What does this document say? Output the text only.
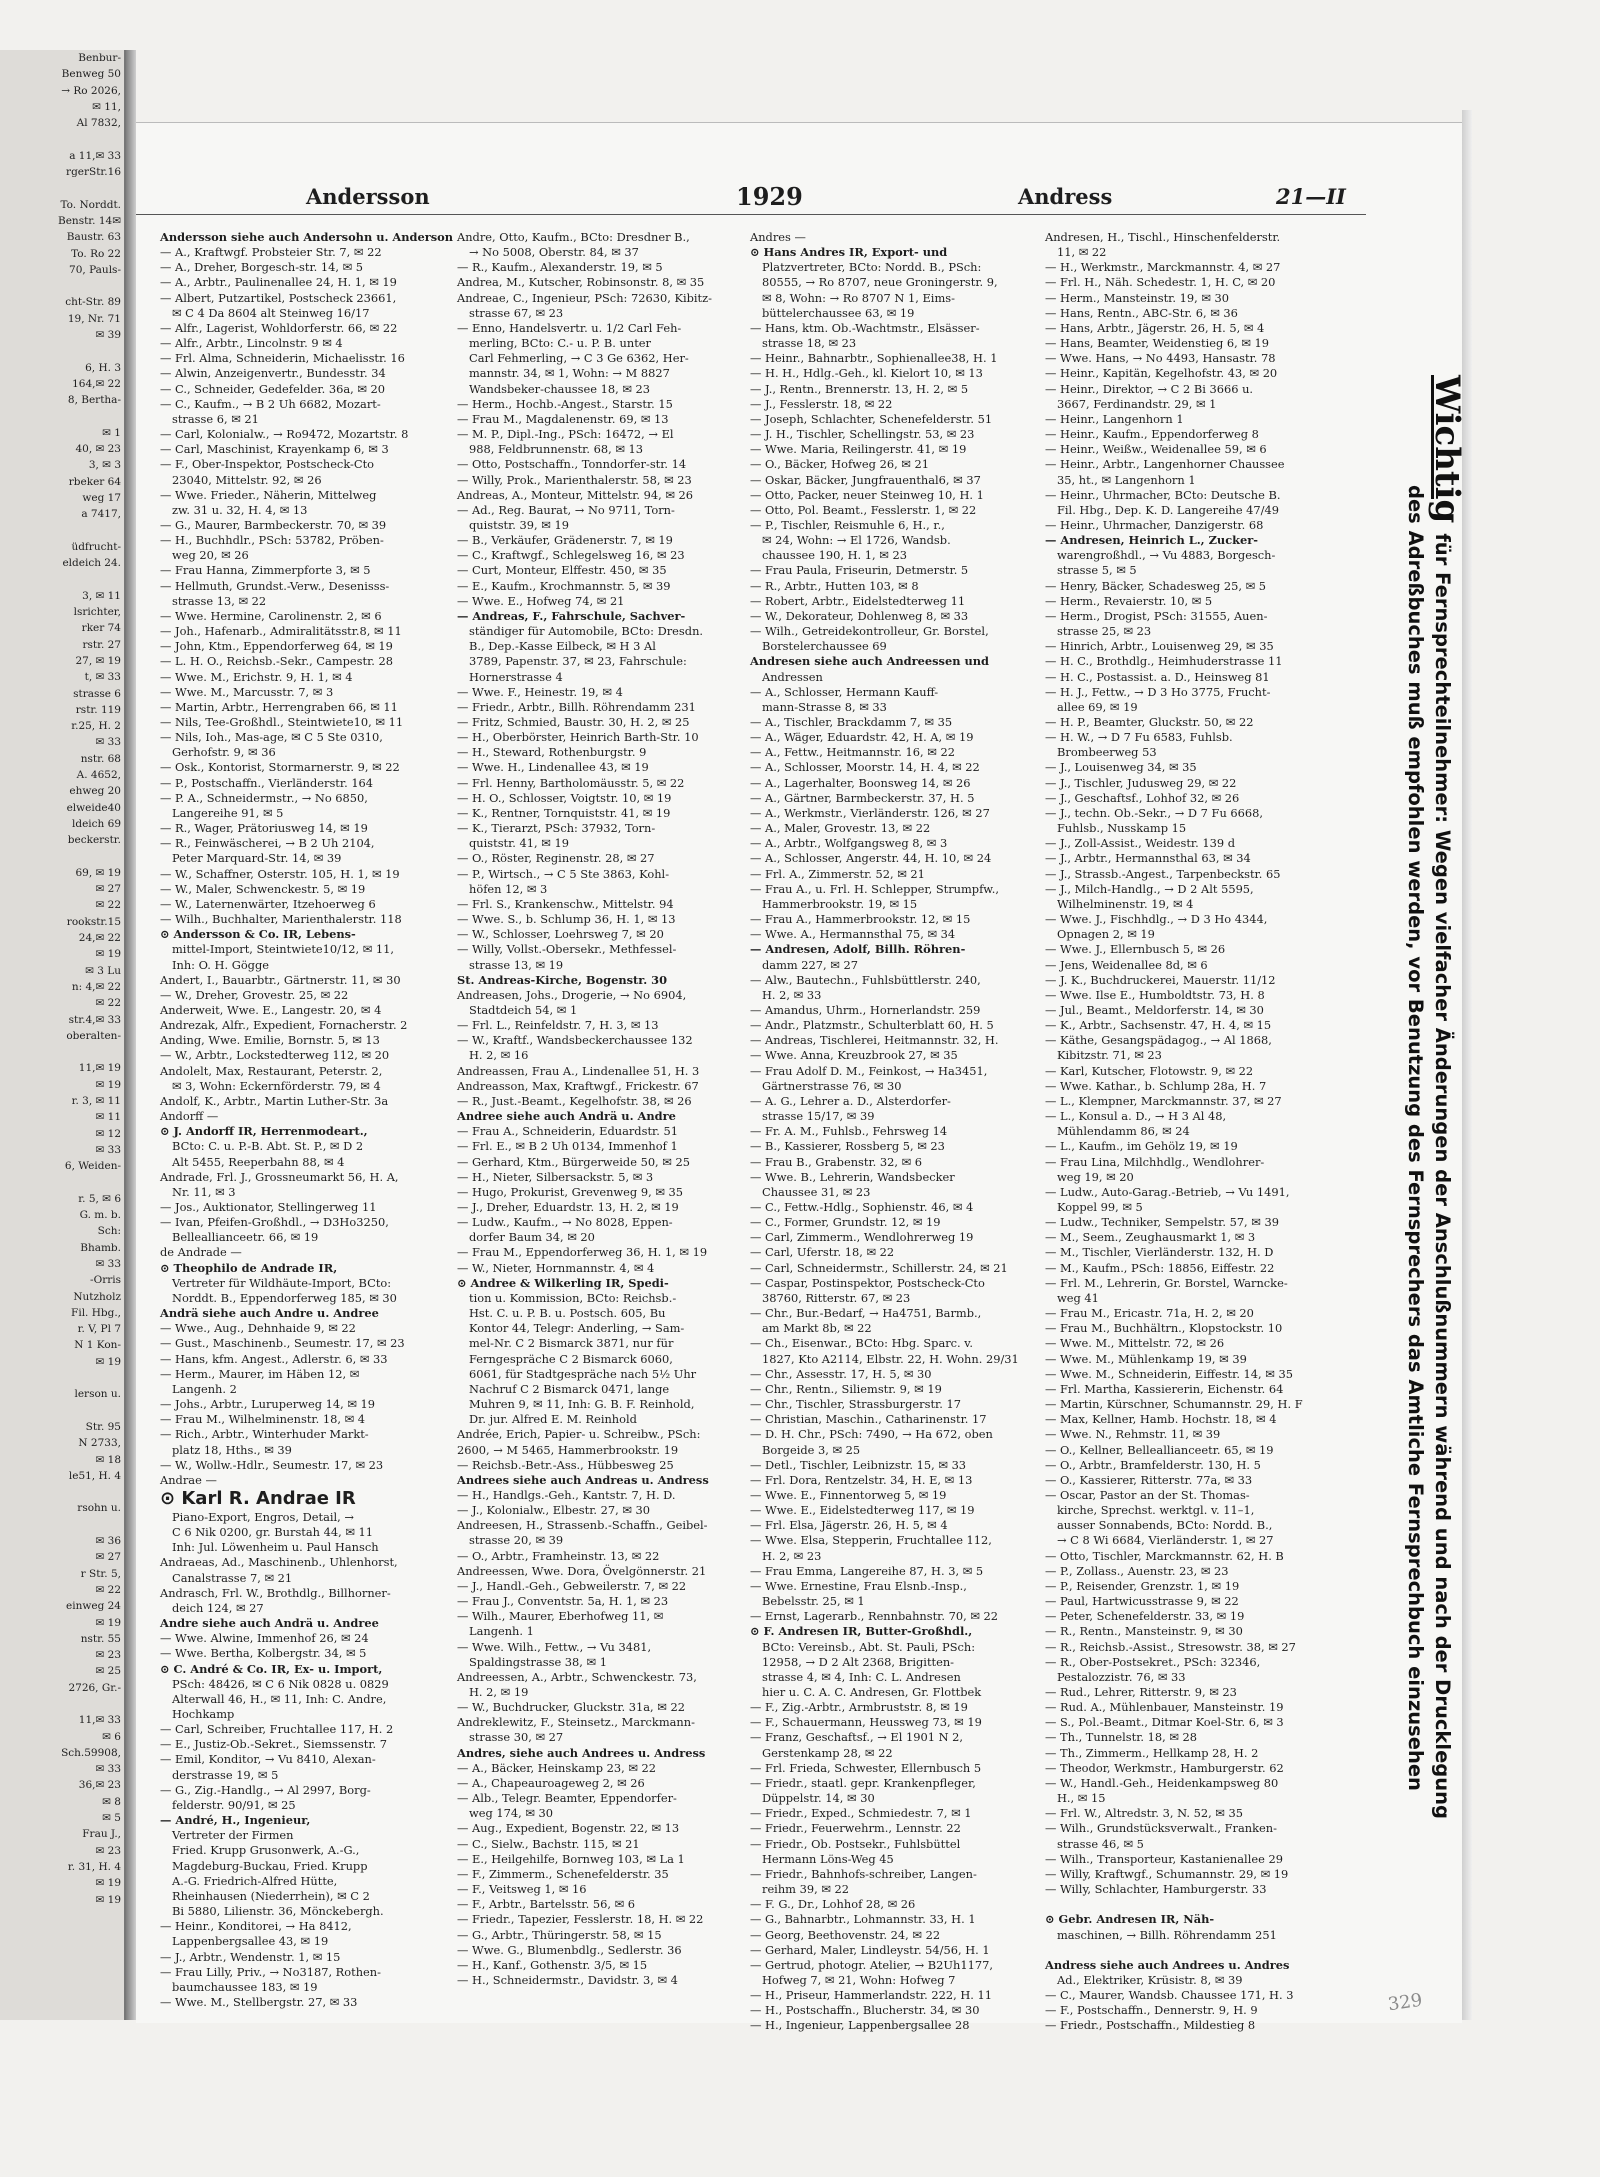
Benbur-
Benweg 50
→ Ro 2026,
✉ 11,
Al 7832,

a 11,✉ 33
rgerStr.16

To. Norddt.
Benstr. 14✉
Baustr. 63
To. Ro 22
70, Pauls-

cht-Str. 89
19, Nr. 71
✉ 39

6, H. 3
164,✉ 22
8, Bertha-

✉ 1
40, ✉ 23
3, ✉ 3
rbeker 64
weg 17
a 7417,

üdfrucht-
eldeich 24.

3, ✉ 11
lsrichter,
rker 74
rstr. 27
27, ✉ 19
t, ✉ 33
strasse 6
rstr. 119
r.25, H. 2
✉ 33
nstr. 68
A. 4652,
ehweg 20
elweide40
ldeich 69
beckerstr.

69, ✉ 19
✉ 27
✉ 22
rookstr.15
24,✉ 22
✉ 19
✉ 3 Lu
n: 4,✉ 22
✉ 22
str.4,✉ 33
oberalten-

11,✉ 19
✉ 19
r. 3, ✉ 11
✉ 11
✉ 12
✉ 33
6, Weiden-

r. 5, ✉ 6
G. m. b.
Sch:
Bhamb.
✉ 33
-Orris
Nutzholz
Fil. Hbg.,
r. V, Pl 7
N 1 Kon-
✉ 19

lerson u.

Str. 95
N 2733,
✉ 18
le51, H. 4

rsohn u.

✉ 36
✉ 27
r Str. 5,
✉ 22
einweg 24
✉ 19
nstr. 55
✉ 23
✉ 25
2726, Gr.-

11,✉ 33
✉ 6
Sch.59908,
✉ 33
36,✉ 23
✉ 8
✉ 5
Frau J.,
✉ 23
r. 31, H. 4
✉ 19
✉ 19
Andersson	1929	Andress	21—II
Andersson siehe auch Andersohn u. Anderson
— A., Kraftwgf. Probsteier Str. 7, ✉ 22
— A., Dreher, Borgesch-str. 14, ✉ 5
— A., Arbtr., Paulinenallee 24, H. 1, ✉ 19
— Albert, Putzartikel, Postscheck 23661,
✉ C 4 Da 8604 alt Steinweg 16/17
— Alfr., Lagerist, Wohldorferstr. 66, ✉ 22
— Alfr., Arbtr., Lincolnstr. 9 ✉ 4
— Frl. Alma, Schneiderin, Michaelisstr. 16
— Alwin, Anzeigenvertr., Bundesstr. 34
— C., Schneider, Gedefelder. 36a, ✉ 20
— C., Kaufm., → B 2 Uh 6682, Mozart-
strasse 6, ✉ 21
— Carl, Kolonialw., → Ro9472, Mozartstr. 8
— Carl, Maschinist, Krayenkamp 6, ✉ 3
— F., Ober-Inspektor, Postscheck-Cto
23040, Mittelstr. 92, ✉ 26
— Wwe. Frieder., Näherin, Mittelweg
zw. 31 u. 32, H. 4, ✉ 13
— G., Maurer, Barmbeckerstr. 70, ✉ 39
— H., Buchhdlr., PSch: 53782, Pröben-
weg 20, ✉ 26
— Frau Hanna, Zimmerpforte 3, ✉ 5
— Hellmuth, Grundst.-Verw., Desenisss-
strasse 13, ✉ 22
— Wwe. Hermine, Carolinenstr. 2, ✉ 6
— Joh., Hafenarb., Admiralitätsstr.8, ✉ 11
— John, Ktm., Eppendorferweg 64, ✉ 19
— L. H. O., Reichsb.-Sekr., Campestr. 28
— Wwe. M., Erichstr. 9, H. 1, ✉ 4
— Wwe. M., Marcusstr. 7, ✉ 3
— Martin, Arbtr., Herrengraben 66, ✉ 11
— Nils, Tee-Großhdl., Steintwiete10, ✉ 11
— Nils, Ioh., Mas-age, ✉ C 5 Ste 0310,
Gerhofstr. 9, ✉ 36
— Osk., Kontorist, Stormarnerstr. 9, ✉ 22
— P., Postschaffn., Vierländerstr. 164
— P. A., Schneidermstr., → No 6850,
Langereihe 91, ✉ 5
— R., Wager, Prätoriusweg 14, ✉ 19
— R., Feinwäscherei, → B 2 Uh 2104,
Peter Marquard-Str. 14, ✉ 39
— W., Schaffner, Osterstr. 105, H. 1, ✉ 19
— W., Maler, Schwenckestr. 5, ✉ 19
— W., Laternenwärter, Itzehoerweg 6
— Wilh., Buchhalter, Marienthalerstr. 118
⊙ Andersson & Co. IR, Lebens-
mittel-Import, Steintwiete10/12, ✉ 11,
Inh: O. H. Gögge
Andert, I., Bauarbtr., Gärtnerstr. 11, ✉ 30
— W., Dreher, Grovestr. 25, ✉ 22
Anderweit, Wwe. E., Langestr. 20, ✉ 4
Andrezak, Alfr., Expedient, Fornacherstr. 2
Anding, Wwe. Emilie, Bornstr. 5, ✉ 13
— W., Arbtr., Lockstedterweg 112, ✉ 20
Andolelt, Max, Restaurant, Peterstr. 2,
✉ 3, Wohn: Eckernförderstr. 79, ✉ 4
Andolf, K., Arbtr., Martin Luther-Str. 3a
Andorff —
⊙ J. Andorff IR, Herrenmodeart.,
BCto: C. u. P.-B. Abt. St. P., ✉ D 2
Alt 5455, Reeperbahn 88, ✉ 4
Andrade, Frl. J., Grossneumarkt 56, H. A,
Nr. 11, ✉ 3
— Jos., Auktionator, Stellingerweg 11
— Ivan, Pfeifen-Großhdl., → D3Ho3250,
Belleallianceetr. 66, ✉ 19
de Andrade —
⊙ Theophilo de Andrade IR,
Vertreter für Wildhäute-Import, BCto:
Norddt. B., Eppendorferweg 185, ✉ 30
Andrä siehe auch Andre u. Andree
— Wwe., Aug., Dehnhaide 9, ✉ 22
— Gust., Maschinenb., Seumestr. 17, ✉ 23
— Hans, kfm. Angest., Adlerstr. 6, ✉ 33
— Herm., Maurer, im Häben 12, ✉
Langenh. 2
— Johs., Arbtr., Luruperweg 14, ✉ 19
— Frau M., Wilhelminenstr. 18, ✉ 4
— Rich., Arbtr., Winterhuder Markt-
platz 18, Hths., ✉ 39
— W., Wollw.-Hdlr., Seumestr. 17, ✉ 23
Andrae —
⊙ Karl R. Andrae IR
Piano-Export, Engros, Detail, →
C 6 Nik 0200, gr. Burstah 44, ✉ 11
Inh: Jul. Löwenheim u. Paul Hansch
Andraeas, Ad., Maschinenb., Uhlenhorst,
Canalstrasse 7, ✉ 21
Andrasch, Frl. W., Brothdlg., Billhorner-
deich 124, ✉ 27
Andre siehe auch Andrä u. Andree
— Wwe. Alwine, Immenhof 26, ✉ 24
— Wwe. Bertha, Kolbergstr. 34, ✉ 5
⊙ C. André & Co. IR, Ex- u. Import,
PSch: 48426, ✉ C 6 Nik 0828 u. 0829
Alterwall 46, H., ✉ 11, Inh: C. Andre,
Hochkamp
— Carl, Schreiber, Fruchtallee 117, H. 2
— E., Justiz-Ob.-Sekret., Siemssenstr. 7
— Emil, Konditor, → Vu 8410, Alexan-
derstrasse 19, ✉ 5
— G., Zig.-Handlg., → Al 2997, Borg-
felderstr. 90/91, ✉ 25
— André, H., Ingenieur,
Vertreter der Firmen
Fried. Krupp Grusonwerk, A.-G.,
Magdeburg-Buckau, Fried. Krupp
A.-G. Friedrich-Alfred Hütte,
Rheinhausen (Niederrhein), ✉ C 2
Bi 5880, Lilienstr. 36, Mönckebergh.
— Heinr., Konditorei, → Ha 8412,
Lappenbergsallee 43, ✉ 19
— J., Arbtr., Wendenstr. 1, ✉ 15
— Frau Lilly, Priv., → No3187, Rothen-
baumchaussee 183, ✉ 19
— Wwe. M., Stellbergstr. 27, ✉ 33
Andre, Otto, Kaufm., BCto: Dresdner B.,
→ No 5008, Oberstr. 84, ✉ 37
— R., Kaufm., Alexanderstr. 19, ✉ 5
Andrea, M., Kutscher, Robinsonstr. 8, ✉ 35
Andreae, C., Ingenieur, PSch: 72630, Kibitz-
strasse 67, ✉ 23
— Enno, Handelsvertr. u. 1/2 Carl Feh-
merling, BCto: C.- u. P. B. unter
Carl Fehmerling, → C 3 Ge 6362, Her-
mannstr. 34, ✉ 1, Wohn: → M 8827
Wandsbeker-chaussee 18, ✉ 23
— Herm., Hochb.-Angest., Starstr. 15
— Frau M., Magdalenenstr. 69, ✉ 13
— M. P., Dipl.-Ing., PSch: 16472, → El
988, Feldbrunnenstr. 68, ✉ 13
— Otto, Postschaffn., Tonndorfer-str. 14
— Willy, Prok., Marienthalerstr. 58, ✉ 23
Andreas, A., Monteur, Mittelstr. 94, ✉ 26
— Ad., Reg. Baurat, → No 9711, Torn-
quiststr. 39, ✉ 19
— B., Verkäufer, Grädenerstr. 7, ✉ 19
— C., Kraftwgf., Schlegelsweg 16, ✉ 23
— Curt, Monteur, Elffestr. 450, ✉ 35
— E., Kaufm., Krochmannstr. 5, ✉ 39
— Wwe. E., Hofweg 74, ✉ 21
— Andreas, F., Fahrschule, Sachver-
ständiger für Automobile, BCto: Dresdn.
B., Dep.-Kasse Eilbeck, ✉ H 3 Al
3789, Papenstr. 37, ✉ 23, Fahrschule:
Hornerstrasse 4
— Wwe. F., Heinestr. 19, ✉ 4
— Friedr., Arbtr., Billh. Röhrendamm 231
— Fritz, Schmied, Baustr. 30, H. 2, ✉ 25
— H., Oberbörster, Heinrich Barth-Str. 10
— H., Steward, Rothenburgstr. 9
— Wwe. H., Lindenallee 43, ✉ 19
— Frl. Henny, Bartholomäusstr. 5, ✉ 22
— H. O., Schlosser, Voigtstr. 10, ✉ 19
— K., Rentner, Tornquiststr. 41, ✉ 19
— K., Tierarzt, PSch: 37932, Torn-
quiststr. 41, ✉ 19
— O., Röster, Reginenstr. 28, ✉ 27
— P., Wirtsch., → C 5 Ste 3863, Kohl-
höfen 12, ✉ 3
— Frl. S., Krankenschw., Mittelstr. 94
— Wwe. S., b. Schlump 36, H. 1, ✉ 13
— W., Schlosser, Loehrsweg 7, ✉ 20
— Willy, Vollst.-Obersekr., Methfessel-
strasse 13, ✉ 19
St. Andreas-Kirche, Bogenstr. 30
Andreasen, Johs., Drogerie, → No 6904,
Stadtdeich 54, ✉ 1
— Frl. L., Reinfeldstr. 7, H. 3, ✉ 13
— W., Kraftf., Wandsbeckerchaussee 132
H. 2, ✉ 16
Andreassen, Frau A., Lindenallee 51, H. 3
Andreasson, Max, Kraftwgf., Frickestr. 67
— R., Just.-Beamt., Kegelhofstr. 38, ✉ 26
Andree siehe auch Andrä u. Andre
— Frau A., Schneiderin, Eduardstr. 51
— Frl. E., ✉ B 2 Uh 0134, Immenhof 1
— Gerhard, Ktm., Bürgerweide 50, ✉ 25
— H., Nieter, Silbersackstr. 5, ✉ 3
— Hugo, Prokurist, Grevenweg 9, ✉ 35
— J., Dreher, Eduardstr. 13, H. 2, ✉ 19
— Ludw., Kaufm., → No 8028, Eppen-
dorfer Baum 34, ✉ 20
— Frau M., Eppendorferweg 36, H. 1, ✉ 19
— W., Nieter, Hornmannstr. 4, ✉ 4
⊙ Andree & Wilkerling IR, Spedi-
tion u. Kommission, BCto: Reichsb.-
Hst. C. u. P. B. u. Postsch. 605, Bu
Kontor 44, Telegr: Anderling, → Sam-
mel-Nr. C 2 Bismarck 3871, nur für
Ferngespräche C 2 Bismarck 6060,
6061, für Stadtgespräche nach 5½ Uhr
Nachruf C 2 Bismarck 0471, lange
Muhren 9, ✉ 11, Inh: G. B. F. Reinhold,
Dr. jur. Alfred E. M. Reinhold
Andrée, Erich, Papier- u. Schreibw., PSch:
2600, → M 5465, Hammerbrookstr. 19
— Reichsb.-Betr.-Ass., Hübbesweg 25
Andrees siehe auch Andreas u. Andress
— H., Handlgs.-Geh., Kantstr. 7, H. D.
— J., Kolonialw., Elbestr. 27, ✉ 30
Andreesen, H., Strassenb.-Schaffn., Geibel-
strasse 20, ✉ 39
— O., Arbtr., Framheinstr. 13, ✉ 22
Andreessen, Wwe. Dora, Övelgönnerstr. 21
— J., Handl.-Geh., Gebweilerstr. 7, ✉ 22
— Frau J., Conventstr. 5a, H. 1, ✉ 23
— Wilh., Maurer, Eberhofweg 11, ✉
Langenh. 1
— Wwe. Wilh., Fettw., → Vu 3481,
Spaldingstrasse 38, ✉ 1
Andreessen, A., Arbtr., Schwenckestr. 73,
H. 2, ✉ 19
— W., Buchdrucker, Gluckstr. 31a, ✉ 22
Andreklewitz, F., Steinsetz., Marckmann-
strasse 30, ✉ 27
Andres, siehe auch Andrees u. Andress
— A., Bäcker, Heinskamp 23, ✉ 22
— A., Chapeauroageweg 2, ✉ 26
— Alb., Telegr. Beamter, Eppendorfer-
weg 174, ✉ 30
— Aug., Expedient, Bogenstr. 22, ✉ 13
— C., Sielw., Bachstr. 115, ✉ 21
— E., Heilgehilfe, Bornweg 103, ✉ La 1
— F., Zimmerm., Schenefelderstr. 35
— F., Veitsweg 1, ✉ 16
— F., Arbtr., Bartelsstr. 56, ✉ 6
— Friedr., Tapezier, Fesslerstr. 18, H. ✉ 22
— G., Arbtr., Thüringerstr. 58, ✉ 15
— Wwe. G., Blumenbdlg., Sedlerstr. 36
— H., Kanf., Gothenstr. 3/5, ✉ 15
— H., Schneidermstr., Davidstr. 3, ✉ 4
Andres —
⊙ Hans Andres IR, Export- und
Platzvertreter, BCto: Nordd. B., PSch:
80555, → Ro 8707, neue Groningerstr. 9,
✉ 8, Wohn: → Ro 8707 N 1, Eims-
büttelerchaussee 63, ✉ 19
— Hans, ktm. Ob.-Wachtmstr., Elsässer-
strasse 18, ✉ 23
— Heinr., Bahnarbtr., Sophienallee38, H. 1
— H. H., Hdlg.-Geh., kl. Kielort 10, ✉ 13
— J., Rentn., Brennerstr. 13, H. 2, ✉ 5
— J., Fesslerstr. 18, ✉ 22
— Joseph, Schlachter, Schenefelderstr. 51
— J. H., Tischler, Schellingstr. 53, ✉ 23
— Wwe. Maria, Reilingerstr. 41, ✉ 19
— O., Bäcker, Hofweg 26, ✉ 21
— Oskar, Bäcker, Jungfrauenthal6, ✉ 37
— Otto, Packer, neuer Steinweg 10, H. 1
— Otto, Pol. Beamt., Fesslerstr. 1, ✉ 22
— P., Tischler, Reismuhle 6, H., r.,
✉ 24, Wohn: → El 1726, Wandsb.
chaussee 190, H. 1, ✉ 23
— Frau Paula, Friseurin, Detmerstr. 5
— R., Arbtr., Hutten 103, ✉ 8
— Robert, Arbtr., Eidelstedterweg 11
— W., Dekorateur, Dohlenweg 8, ✉ 33
— Wilh., Getreidekontrolleur, Gr. Borstel,
Borstelerchaussee 69
Andresen siehe auch Andreessen und
Andressen
— A., Schlosser, Hermann Kauff-
mann-Strasse 8, ✉ 33
— A., Tischler, Brackdamm 7, ✉ 35
— A., Wäger, Eduardstr. 42, H. A, ✉ 19
— A., Fettw., Heitmannstr. 16, ✉ 22
— A., Schlosser, Moorstr. 14, H. 4, ✉ 22
— A., Lagerhalter, Boonsweg 14, ✉ 26
— A., Gärtner, Barmbeckerstr. 37, H. 5
— A., Werkmstr., Vierländerstr. 126, ✉ 27
— A., Maler, Grovestr. 13, ✉ 22
— A., Arbtr., Wolfgangsweg 8, ✉ 3
— A., Schlosser, Angerstr. 44, H. 10, ✉ 24
— Frl. A., Zimmerstr. 52, ✉ 21
— Frau A., u. Frl. H. Schlepper, Strumpfw.,
Hammerbrookstr. 19, ✉ 15
— Frau A., Hammerbrookstr. 12, ✉ 15
— Wwe. A., Hermannsthal 75, ✉ 34
— Andresen, Adolf, Billh. Röhren-
damm 227, ✉ 27
— Alw., Bautechn., Fuhlsbüttlerstr. 240,
H. 2, ✉ 33
— Amandus, Uhrm., Hornerlandstr. 259
— Andr., Platzmstr., Schulterblatt 60, H. 5
— Andreas, Tischlerei, Heitmannstr. 32, H.
— Wwe. Anna, Kreuzbrook 27, ✉ 35
— Frau Adolf D. M., Feinkost, → Ha3451,
Gärtnerstrasse 76, ✉ 30
— A. G., Lehrer a. D., Alsterdorfer-
strasse 15/17, ✉ 39
— Fr. A. M., Fuhlsb., Fehrsweg 14
— B., Kassierer, Rossberg 5, ✉ 23
— Frau B., Grabenstr. 32, ✉ 6
— Wwe. B., Lehrerin, Wandsbecker
Chaussee 31, ✉ 23
— C., Fettw.-Hdlg., Sophienstr. 46, ✉ 4
— C., Former, Grundstr. 12, ✉ 19
— Carl, Zimmerm., Wendlohrerweg 19
— Carl, Uferstr. 18, ✉ 22
— Carl, Schneidermstr., Schillerstr. 24, ✉ 21
— Caspar, Postinspektor, Postscheck-Cto
38760, Ritterstr. 67, ✉ 23
— Chr., Bur.-Bedarf, → Ha4751, Barmb.,
am Markt 8b, ✉ 22
— Ch., Eisenwar., BCto: Hbg. Sparc. v.
1827, Kto A2114, Elbstr. 22, H. Wohn. 29/31
— Chr., Assesstr. 17, H. 5, ✉ 30
— Chr., Rentn., Siliemstr. 9, ✉ 19
— Chr., Tischler, Strassburgerstr. 17
— Christian, Maschin., Catharinenstr. 17
— D. H. Chr., PSch: 7490, → Ha 672, oben
Borgeide 3, ✉ 25
— Detl., Tischler, Leibnizstr. 15, ✉ 33
— Frl. Dora, Rentzelstr. 34, H. E, ✉ 13
— Wwe. E., Finnentorweg 5, ✉ 19
— Wwe. E., Eidelstedterweg 117, ✉ 19
— Frl. Elsa, Jägerstr. 26, H. 5, ✉ 4
— Wwe. Elsa, Stepperin, Fruchtallee 112,
H. 2, ✉ 23
— Frau Emma, Langereihe 87, H. 3, ✉ 5
— Wwe. Ernestine, Frau Elsnb.-Insp.,
Bebelsstr. 25, ✉ 1
— Ernst, Lagerarb., Rennbahnstr. 70, ✉ 22
⊙ F. Andresen IR, Butter-Großhdl.,
BCto: Vereinsb., Abt. St. Pauli, PSch:
12958, → D 2 Alt 2368, Brigitten-
strasse 4, ✉ 4, Inh: C. L. Andresen
hier u. C. A. C. Andresen, Gr. Flottbek
— F., Zig.-Arbtr., Armbruststr. 8, ✉ 19
— F., Schauermann, Heussweg 73, ✉ 19
— Franz, Geschaftsf., → El 1901 N 2,
Gerstenkamp 28, ✉ 22
— Frl. Frieda, Schwester, Ellernbusch 5
— Friedr., staatl. gepr. Krankenpfleger,
Düppelstr. 14, ✉ 30
— Friedr., Exped., Schmiedestr. 7, ✉ 1
— Friedr., Feuerwehrm., Lennstr. 22
— Friedr., Ob. Postsekr., Fuhlsbüttel
Hermann Löns-Weg 45
— Friedr., Bahnhofs-schreiber, Langen-
reihm 39, ✉ 22
— F. G., Dr., Lohhof 28, ✉ 26
— G., Bahnarbtr., Lohmannstr. 33, H. 1
— Georg, Beethovenstr. 24, ✉ 22
— Gerhard, Maler, Lindleystr. 54/56, H. 1
— Gertrud, photogr. Atelier, → B2Uh1177,
Hofweg 7, ✉ 21, Wohn: Hofweg 7
— H., Priseur, Hammerlandstr. 222, H. 11
— H., Postschaffn., Blucherstr. 34, ✉ 30
— H., Ingenieur, Lappenbergsallee 28
Andresen, H., Tischl., Hinschenfelderstr.
11, ✉ 22
— H., Werkmstr., Marckmannstr. 4, ✉ 27
— Frl. H., Näh. Schedestr. 1, H. C, ✉ 20
— Herm., Mansteinstr. 19, ✉ 30
— Hans, Rentn., ABC-Str. 6, ✉ 36
— Hans, Arbtr., Jägerstr. 26, H. 5, ✉ 4
— Hans, Beamter, Weidenstieg 6, ✉ 19
— Wwe. Hans, → No 4493, Hansastr. 78
— Heinr., Kapitän, Kegelhofstr. 43, ✉ 20
— Heinr., Direktor, → C 2 Bi 3666 u.
3667, Ferdinandstr. 29, ✉ 1
— Heinr., Langenhorn 1
— Heinr., Kaufm., Eppendorferweg 8
— Heinr., Weißw., Weidenallee 59, ✉ 6
— Heinr., Arbtr., Langenhorner Chaussee
35, ht., ✉ Langenhorn 1
— Heinr., Uhrmacher, BCto: Deutsche B.
Fil. Hbg., Dep. K. D. Langereihe 47/49
— Heinr., Uhrmacher, Danzigerstr. 68
— Andresen, Heinrich L., Zucker-
warengroßhdl., → Vu 4883, Borgesch-
strasse 5, ✉ 5
— Henry, Bäcker, Schadesweg 25, ✉ 5
— Herm., Revaierstr. 10, ✉ 5
— Herm., Drogist, PSch: 31555, Auen-
strasse 25, ✉ 23
— Hinrich, Arbtr., Louisenweg 29, ✉ 35
— H. C., Brothdlg., Heimhuderstrasse 11
— H. C., Postassist. a. D., Heinsweg 81
— H. J., Fettw., → D 3 Ho 3775, Frucht-
allee 69, ✉ 19
— H. P., Beamter, Gluckstr. 50, ✉ 22
— H. W., → D 7 Fu 6583, Fuhlsb.
Brombeerweg 53
— J., Louisenweg 34, ✉ 35
— J., Tischler, Judusweg 29, ✉ 22
— J., Geschaftsf., Lohhof 32, ✉ 26
— J., techn. Ob.-Sekr., → D 7 Fu 6668,
Fuhlsb., Nusskamp 15
— J., Zoll-Assist., Weidestr. 139 d
— J., Arbtr., Hermannsthal 63, ✉ 34
— J., Strassb.-Angest., Tarpenbeckstr. 65
— J., Milch-Handlg., → D 2 Alt 5595,
Wilhelminenstr. 19, ✉ 4
— Wwe. J., Fischhdlg., → D 3 Ho 4344,
Opnagen 2, ✉ 19
— Wwe. J., Ellernbusch 5, ✉ 26
— Jens, Weidenallee 8d, ✉ 6
— J. K., Buchdruckerei, Mauerstr. 11/12
— Wwe. Ilse E., Humboldtstr. 73, H. 8
— Jul., Beamt., Meldorferstr. 14, ✉ 30
— K., Arbtr., Sachsenstr. 47, H. 4, ✉ 15
— Käthe, Gesangspädagog., → Al 1868,
Kibitzstr. 71, ✉ 23
— Karl, Kutscher, Flotowstr. 9, ✉ 22
— Wwe. Kathar., b. Schlump 28a, H. 7
— L., Klempner, Marckmannstr. 37, ✉ 27
— L., Konsul a. D., → H 3 Al 48,
Mühlendamm 86, ✉ 24
— L., Kaufm., im Gehölz 19, ✉ 19
— Frau Lina, Milchhdlg., Wendlohrer-
weg 19, ✉ 20
— Ludw., Auto-Garag.-Betrieb, → Vu 1491,
Koppel 99, ✉ 5
— Ludw., Techniker, Sempelstr. 57, ✉ 39
— M., Seem., Zeughausmarkt 1, ✉ 3
— M., Tischler, Vierländerstr. 132, H. D
— M., Kaufm., PSch: 18856, Eiffestr. 22
— Frl. M., Lehrerin, Gr. Borstel, Warncke-
weg 41
— Frau M., Ericastr. 71a, H. 2, ✉ 20
— Frau M., Buchhältrn., Klopstockstr. 10
— Wwe. M., Mittelstr. 72, ✉ 26
— Wwe. M., Mühlenkamp 19, ✉ 39
— Wwe. M., Schneiderin, Eiffestr. 14, ✉ 35
— Frl. Martha, Kassiererin, Eichenstr. 64
— Martin, Kürschner, Schumannstr. 29, H. F
— Max, Kellner, Hamb. Hochstr. 18, ✉ 4
— Wwe. N., Rehmstr. 11, ✉ 39
— O., Kellner, Belleallianceetr. 65, ✉ 19
— O., Arbtr., Bramfelderstr. 130, H. 5
— O., Kassierer, Ritterstr. 77a, ✉ 33
— Oscar, Pastor an der St. Thomas-
kirche, Sprechst. werktgl. v. 11–1,
ausser Sonnabends, BCto: Nordd. B.,
→ C 8 Wi 6684, Vierländerstr. 1, ✉ 27
— Otto, Tischler, Marckmannstr. 62, H. B
— P., Zollass., Auenstr. 23, ✉ 23
— P., Reisender, Grenzstr. 1, ✉ 19
— Paul, Hartwicusstrasse 9, ✉ 22
— Peter, Schenefelderstr. 33, ✉ 19
— R., Rentn., Mansteinstr. 9, ✉ 30
— R., Reichsb.-Assist., Stresowstr. 38, ✉ 27
— R., Ober-Postsekret., PSch: 32346,
Pestalozzistr. 76, ✉ 33
— Rud., Lehrer, Ritterstr. 9, ✉ 23
— Rud. A., Mühlenbauer, Mansteinstr. 19
— S., Pol.-Beamt., Ditmar Koel-Str. 6, ✉ 3
— Th., Tunnelstr. 18, ✉ 28
— Th., Zimmerm., Hellkamp 28, H. 2
— Theodor, Werkmstr., Hamburgerstr. 62
— W., Handl.-Geh., Heidenkampsweg 80
H., ✉ 15
— Frl. W., Altredstr. 3, N. 52, ✉ 35
— Wilh., Grundstücksverwalt., Franken-
strasse 46, ✉ 5
— Wilh., Transporteur, Kastanienallee 29
— Willy, Kraftwgf., Schumannstr. 29, ✉ 19
— Willy, Schlachter, Hamburgerstr. 33

⊙ Gebr. Andresen IR, Näh-
maschinen, → Billh. Röhrendamm 251

Andress siehe auch Andrees u. Andres
Ad., Elektriker, Krüsistr. 8, ✉ 39
— C., Maurer, Wandsb. Chaussee 171, H. 3
— F., Postschaffn., Dennerstr. 9, H. 9
— Friedr., Postschaffn., Mildestieg 8
Wichtigfür Fernsprechteilnehmer: Wegen vielfacher Änderungen der Anschlußnummern während und nach der Drucklegung
des Adreßbuches muß empfohlen werden, vor Benutzung des Fernsprechers das Amtliche Fernsprechbuch einzusehen
329
